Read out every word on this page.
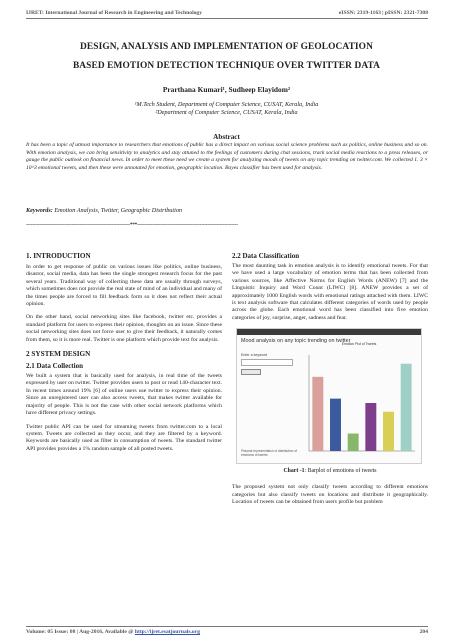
IJRET: International Journal of Research in Engineering and Technology	eISSN: 2319-1163 | pISSN: 2321-7308
DESIGN, ANALYSIS AND IMPLEMENTATION OF GEOLOCATION
BASED EMOTION DETECTION TECHNIQUE OVER TWITTER DATA
Prarthana Kumari¹, Sudheep Elayidom²
¹M.Tech Student, Department of Computer Science, CUSAT, Kerala, India
²Department of Computer Science, CUSAT, Kerala, India
Abstract
It has been a topic of utmost importance to researchers that emotions of public has a direct impact on various social science problems such as politics, online business and so on. With emotion analysis, we can bring sensitivity to analytics and stay attuned to the feelings of customers during chat sessions, track social media reactions to a press releases, or gauge the public outlook on financial news. In order to meet these need we create a system for analyzing moods of tweets on any topic trending on twitter.com. We collected 1. 3 × 10^3 emotional tweets, and then these were annotated for emotion, geographic location. Bayes classifier has been used for analysis.
Keywords: Emotion Analysis, Twitter, Geographic Distribution
--------------------------------------------------------------------***------------------------------------------------------------------
1. INTRODUCTION

In order to get response of public on various issues like politics, online business, disastor, social media, data has been the single strongest research focus for the past several years. Traditional way of collecting these data are usually through surveys, which sometimes does not provide the real state of mind of an individual and many of the times people are forced to fill feedback form so it does not reflect their actual opinion.

On the other hand, social networking sites like facebook, twitter etc. provides a standard platform for users to express their opinion, thoughts on an issue. Since these social networking sites does not force user to give their feedback, it naturally comes from them, so it is more real. Twitter is one platform which provide text for analysis.

2 SYSTEM DESIGN
2.1 Data Collection

We built a system that is basically used for analysis, in real time of the tweets expressed by user on twitter. Twitter provides users to post or read 140-character text. In recent times around 19% [6] of online users use twitter to express their opinion. Since an unregistered user can also access tweets, that makes twitter available for majority of people. This is not the case with other social network platforms which have different privacy settings.

Twitter public API can be used for streaming tweets from twitter.com to a local system. Tweets are collected as they occur, and they are filtered by a keyword. Keywords are basically used as filter in consumption of tweets. The standard twitter API provides provides a 1% random sample of all posted tweets.

2.2 Data Classification

The most daunting task in emotion analysis is to identify emotional tweets. For that we have used a large vocabulary of emotion terms that has been collected from various sources, like Affective Norms for English Words (ANEW) [7] and the Linguistic Inquiry and Word Count (LIWC) [8]. ANEW provides a set of approximately 1000 English words with emotional ratings attached with them. LIWC is text analysis software that calculates different categories of words used by people across the globe. Each emotional word has been classified into five emotion categories of joy, surprise, anger, sadness and fear.

Mood analysis on any topic trending on twitter
Enter a keyword
Pictorial representation of distribution of emotions of tweets
Emotion Plot of Tweets
Chart -1: Barplot of emotions of tweets

The proposed system not only classify tweets according to different emotions categories but also classify tweets on locations and distribute it geographically. Location of tweets can be obtained from users profile but problem

Volume: 05 Issue: 08 | Aug-2016, Available @ http://ijret.esatjournals.org	204
